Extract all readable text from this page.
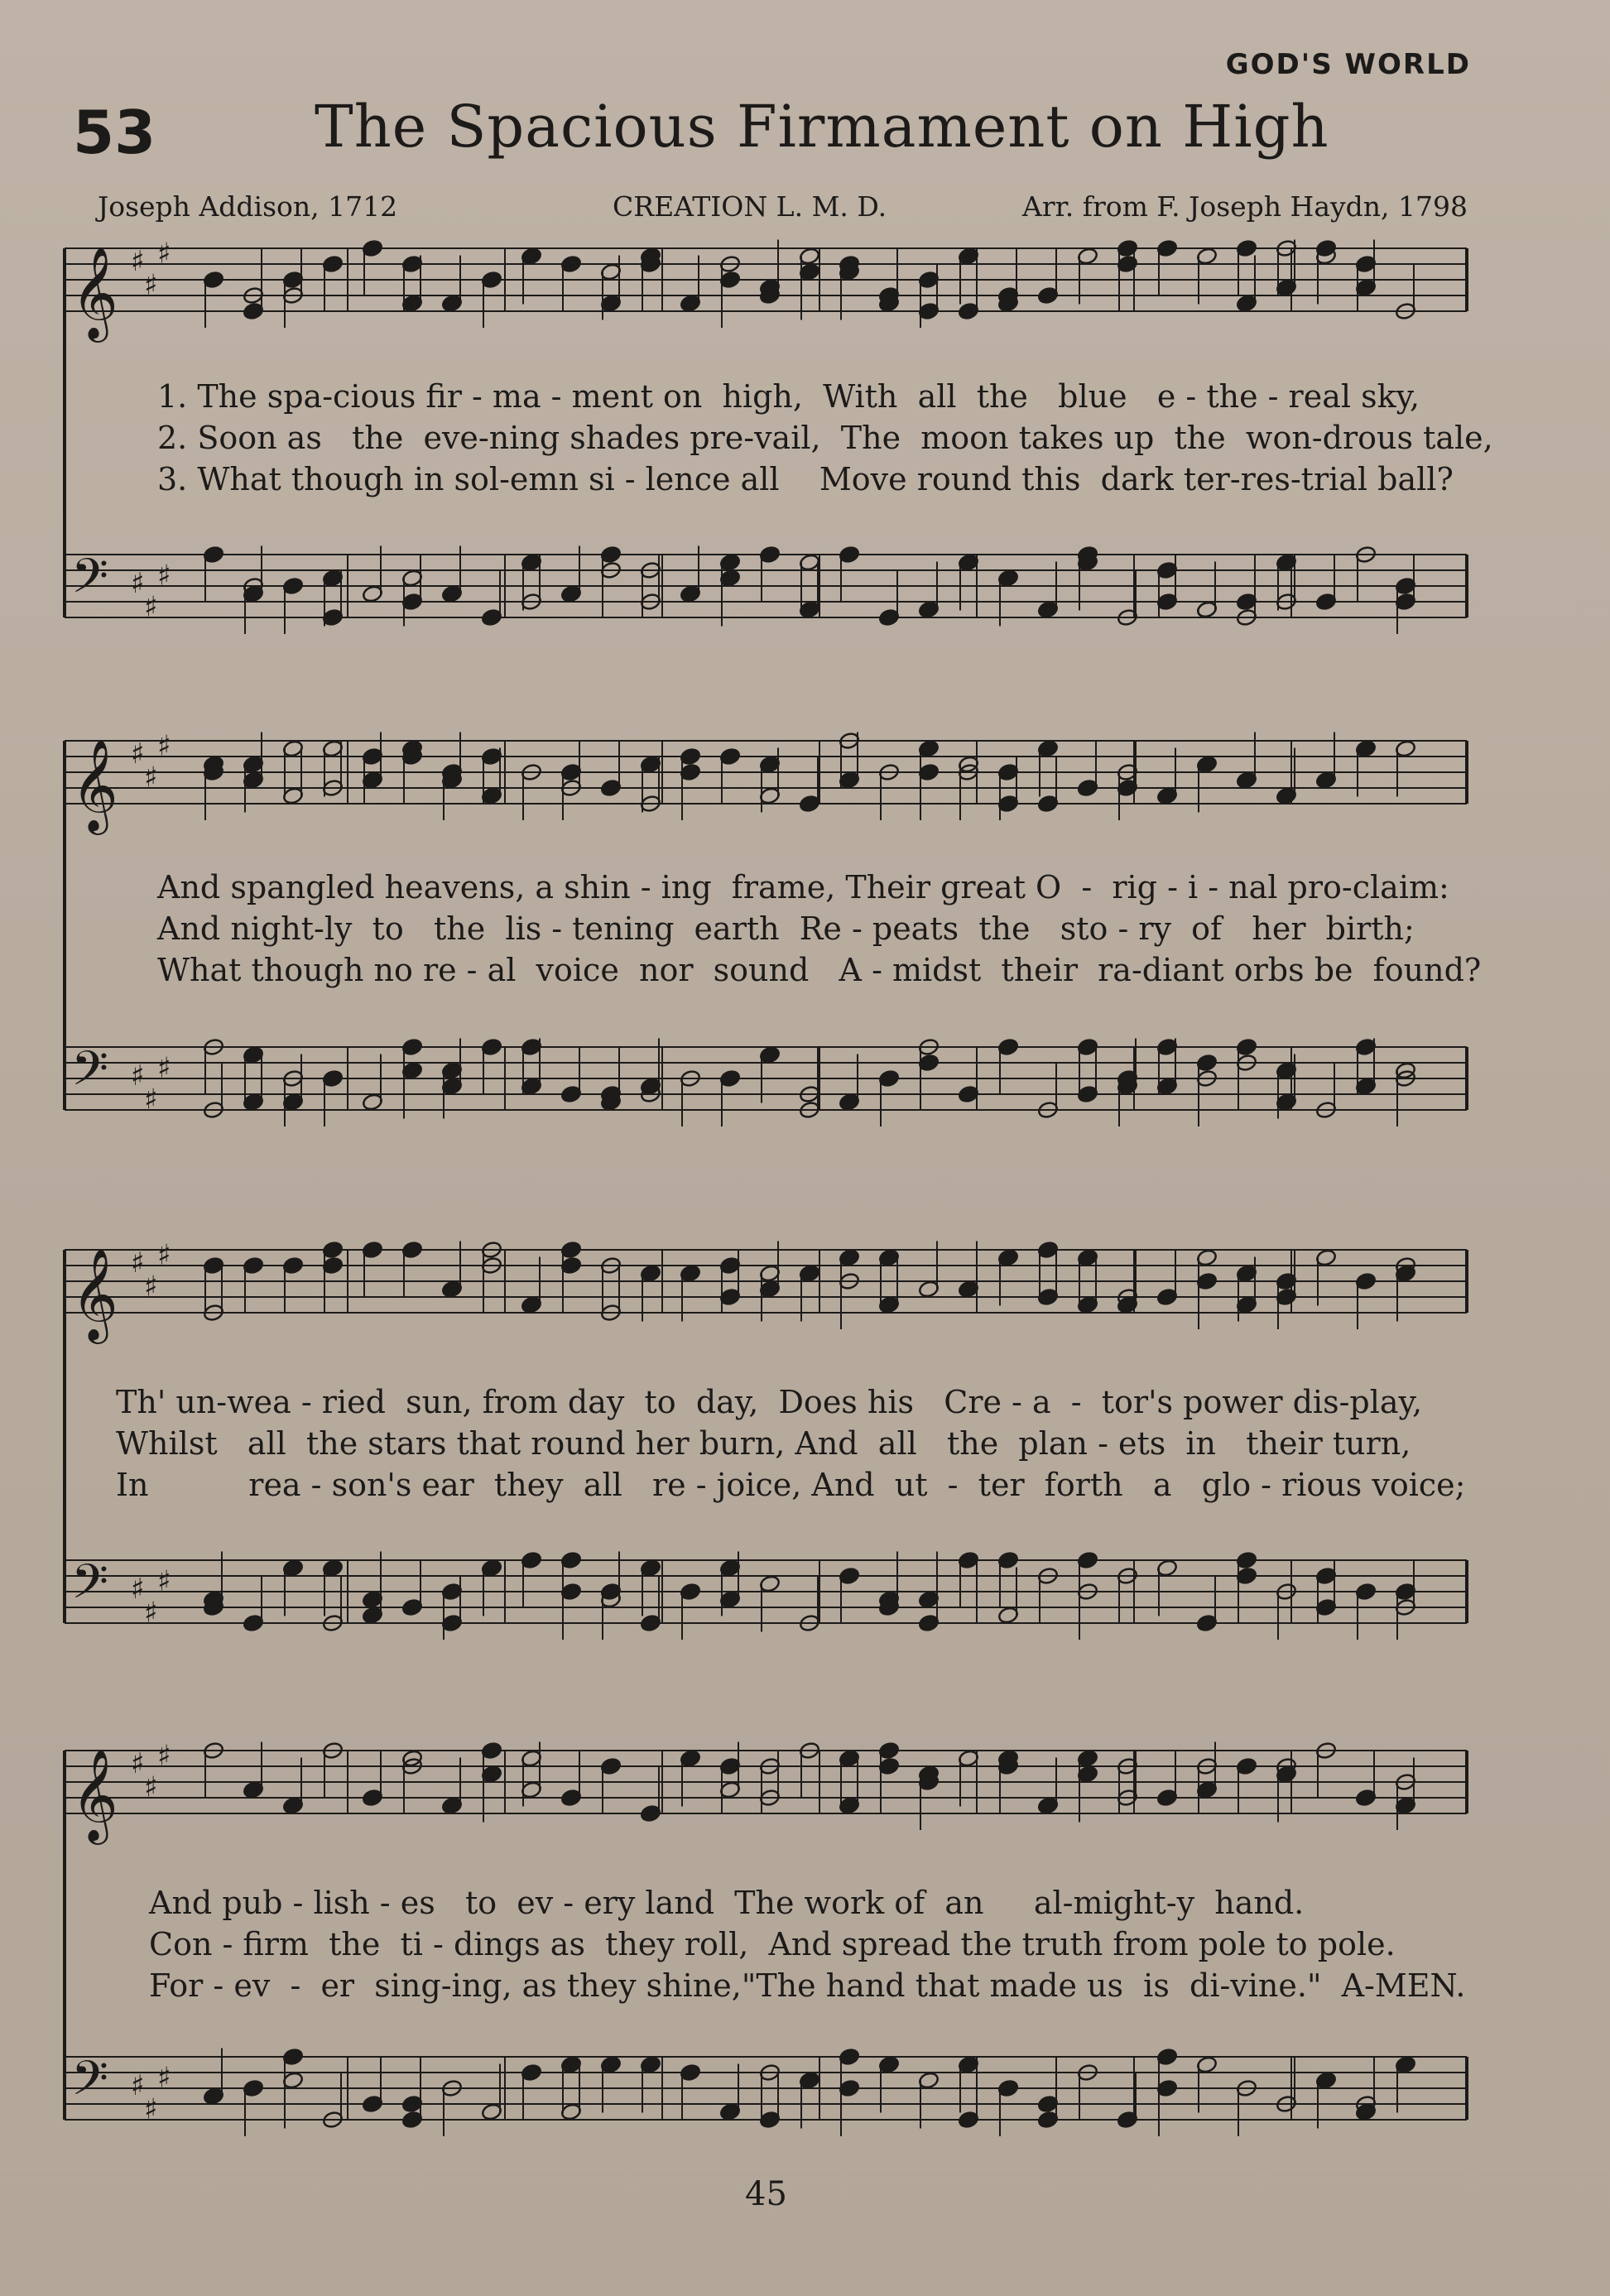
GOD'S WORLD
53	The Spacious Firmament on High
Joseph Addison, 1712	CREATION L. M. D.	Arr. from F. Joseph Haydn, 1798
𝄞 ♯
♯
♯
𝄢 ♯
♯
♯
𝄞 ♯
♯
♯
𝄢 ♯
♯
♯
𝄞 ♯
♯
♯
𝄢 ♯
♯
♯
𝄞 ♯
♯
♯
𝄢 ♯
♯
♯

1. The spa-cious fir - ma - ment on  high,  With  all  the   blue   e - the - real sky,

2. Soon as   the  eve-ning shades pre-vail,  The  moon takes up  the  won-drous tale,

3. What though in sol-emn si - lence all    Move round this  dark ter-res-trial ball?

And spangled heavens, a shin - ing  frame, Their great O  -  rig - i - nal pro-claim:

And night-ly  to   the  lis - tening  earth  Re - peats  the   sto - ry  of   her  birth;

What though no re - al  voice  nor  sound   A - midst  their  ra-diant orbs be  found?

Th' un-wea - ried  sun, from day  to  day,  Does his   Cre - a  -  tor's power dis-play,

Whilst   all  the stars that round her burn, And  all   the  plan - ets  in   their turn,

In          rea - son's ear  they  all   re - joice, And  ut  -  ter  forth   a   glo - rious voice;

And pub - lish - es   to  ev - ery land  The work of  an     al-might-y  hand.

Con - firm  the  ti - dings as  they roll,  And spread the truth from pole to pole.

For - ev  -  er  sing-ing, as they shine,"The hand that made us  is  di-vine."  A-MEN.

45
